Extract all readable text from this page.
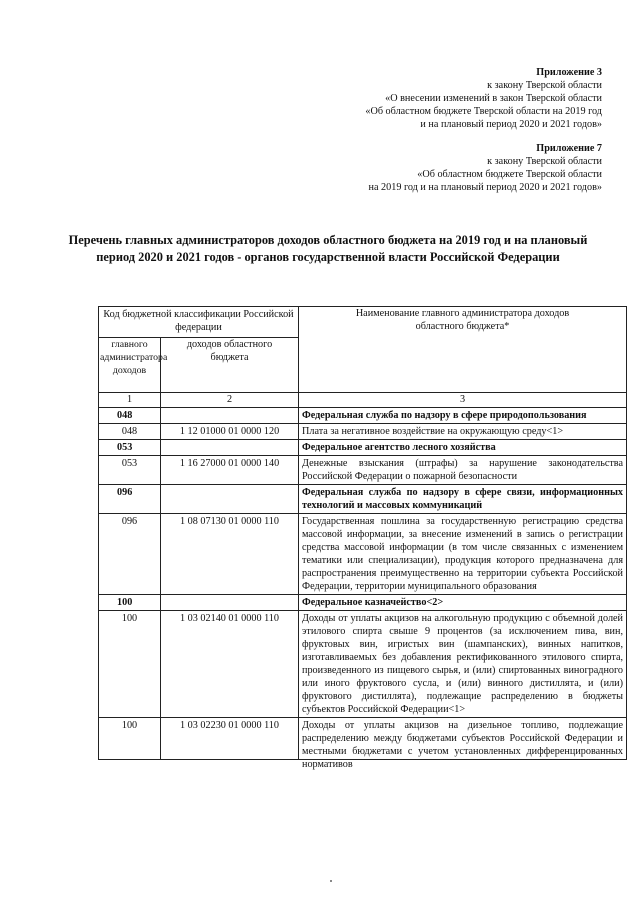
Приложение 3
к закону Тверской области
«О внесении изменений в закон Тверской области
«Об областном бюджете Тверской области на 2019 год
и на плановый период 2020 и 2021 годов»
Приложение 7
к закону Тверской области
«Об областном бюджете Тверской области
на 2019 год и на плановый период 2020 и 2021 годов»
Перечень главных администраторов доходов областного бюджета на 2019 год и на плановый период 2020 и 2021 годов - органов государственной власти Российской Федерации
Код бюджетной классификации Российской федерации		Наименование главного администратора доходов областного бюджета*
главного администратора доходов	доходов областного бюджета	
1	2	3
048		Федеральная служба по надзору в сфере природопользования
048	1 12 01000 01 0000 120	Плата за негативное воздействие на окружающую среду<1>
053		Федеральное агентство лесного хозяйства
053	1 16 27000 01 0000 140	Денежные взыскания (штрафы) за нарушение законодательства Российской Федерации о пожарной безопасности
096		Федеральная служба по надзору в сфере связи, информационных технологий и массовых коммуникаций
096	1 08 07130 01 0000 110	Государственная пошлина за государственную регистрацию средства массовой информации, за внесение изменений в запись о регистрации средства массовой информации (в том числе связанных с изменением тематики или специализации), продукция которого предназначена для распространения преимущественно на территории субъекта Российской Федерации, территории муниципального образования
100		Федеральное казначейство<2>
100	1 03 02140 01 0000 110	Доходы от уплаты акцизов на алкогольную продукцию с объемной долей этилового спирта свыше 9 процентов (за исключением пива, вин, фруктовых вин, игристых вин (шампанских), винных напитков, изготавливаемых без добавления ректификованного этилового спирта, произведенного из пищевого сырья, и (или) спиртованных виноградного или иного фруктового сусла, и (или) винного дистиллята, и (или) фруктового дистиллята), подлежащие распределению в бюджеты субъектов Российской Федерации<1>
100	1 03 02230 01 0000 110	Доходы от уплаты акцизов на дизельное топливо, подлежащие распределению между бюджетами субъектов Российской Федерации и местными бюджетами с учетом установленных дифференцированных нормативов
